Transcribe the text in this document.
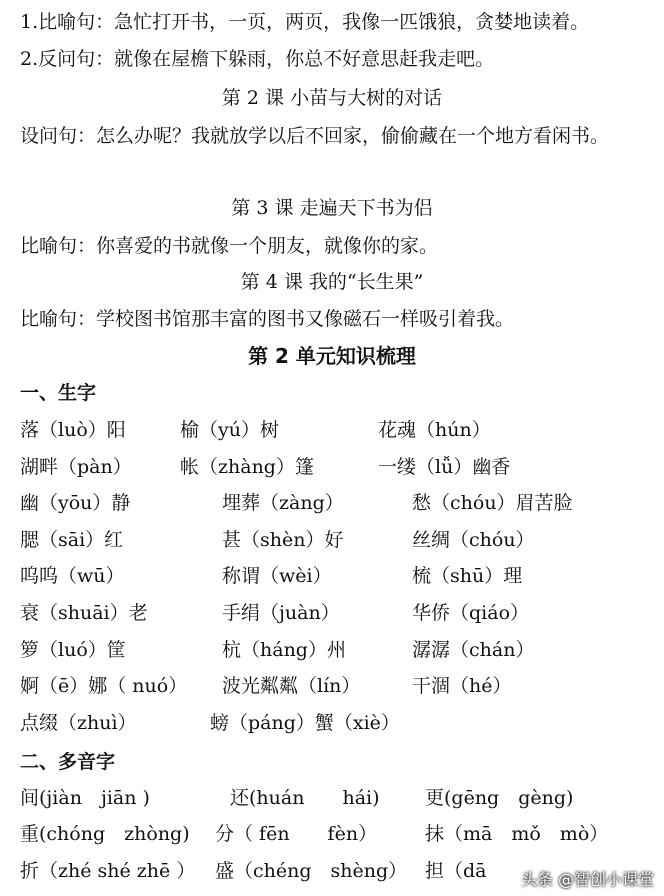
1.比喻句：急忙打开书，一页，两页，我像一匹饿狼，贪婪地读着。
2.反问句：就像在屋檐下躲雨，你总不好意思赶我走吧。
第 2 课 小苗与大树的对话
设问句：怎么办呢？我就放学以后不回家，偷偷藏在一个地方看闲书。
第 3 课 走遍天下书为侣
比喻句：你喜爱的书就像一个朋友，就像你的家。
第 4 课 我的“长生果”
比喻句：学校图书馆那丰富的图书又像磁石一样吸引着我。
第 2 单元知识梳理
一、生字
落（luò）阳	榆（yú）树	花魂（hún）
湖畔（pàn）	帐（zhàng）篷	一缕（lǚ）幽香
幽（yōu）静	埋葬（zàng）	愁（chóu）眉苦脸
腮（sāi）红	甚（shèn）好	丝绸（chóu）
呜呜（wū）	称谓（wèi）	梳（shū）理
衰（shuāi）老	手绢（juàn）	华侨（qiáo）
箩（luó）筐	杭（háng）州	潺潺（chán）
婀（ē）娜（ nuó） 波光粼粼（lín）	干涸（hé）
点缀（zhuì）	螃（páng）蟹（xiè）
二、多音字
间(jiàn　jiān )	还(huán　　hái) 更(gēng　gèng)
重(chóng　zhòng) 分（ fēn　　fèn）	抹（mā　mǒ　mò）
折（zhé shé zhē ） 盛（chéng　shèng） 担（dā 头条 @智创小课堂
